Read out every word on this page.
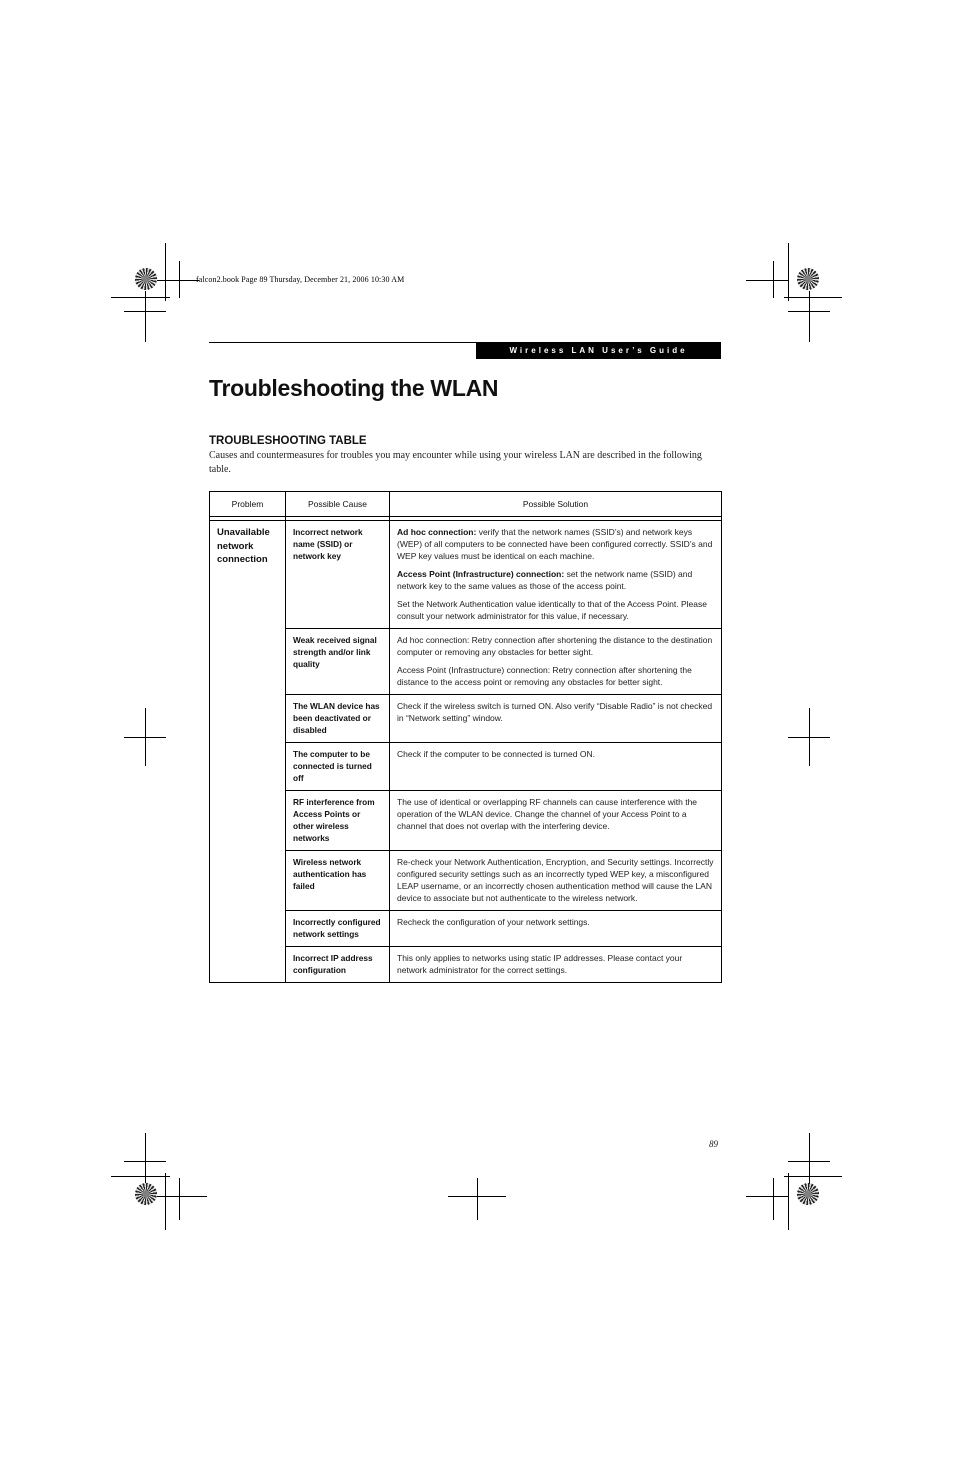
falcon2.book Page 89 Thursday, December 21, 2006 10:30 AM
Wireless LAN User’s Guide
Troubleshooting the WLAN
TROUBLESHOOTING TABLE
Causes and countermeasures for troubles you may encounter while using your wireless LAN are described in the following table.
Problem	Possible Cause	Possible Solution

Unavailable network connection	Incorrect network name (SSID) or network key	Ad hoc connection: verify that the network names (SSID’s) and network keys (WEP) of all computers to be connected have been configured correctly. SSID’s and WEP key values must be identical on each machine.

Access Point (Infrastructure) connection: set the network name (SSID) and network key to the same values as those of the access point.

Set the Network Authentication value identically to that of the Access Point. Please consult your network administrator for this value, if necessary.

	Weak received signal strength and/or link quality	Ad hoc connection: Retry connection after shortening the distance to the destination computer or removing any obstacles for better sight.

Access Point (Infrastructure) connection: Retry connection after shortening the distance to the access point or removing any obstacles for better sight.

	The WLAN device has been deactivated or disabled	Check if the wireless switch is turned ON. Also verify “Disable Radio” is not checked in “Network setting” window.

	The computer to be connected is turned off	Check if the computer to be connected is turned ON.

	RF interference from Access Points or other wireless networks	The use of identical or overlapping RF channels can cause interference with the operation of the WLAN device. Change the channel of your Access Point to a channel that does not overlap with the interfering device.

	Wireless network authentication has failed	Re-check your Network Authentication, Encryption, and Security settings. Incorrectly configured security settings such as an incorrectly typed WEP key, a misconfigured LEAP username, or an incorrectly chosen authentication method will cause the LAN device to associate but not authenticate to the wireless network.

	Incorrectly configured network settings	Recheck the configuration of your network settings.

	Incorrect IP address configuration	This only applies to networks using static IP addresses. Please contact your network administrator for the correct settings.

89
